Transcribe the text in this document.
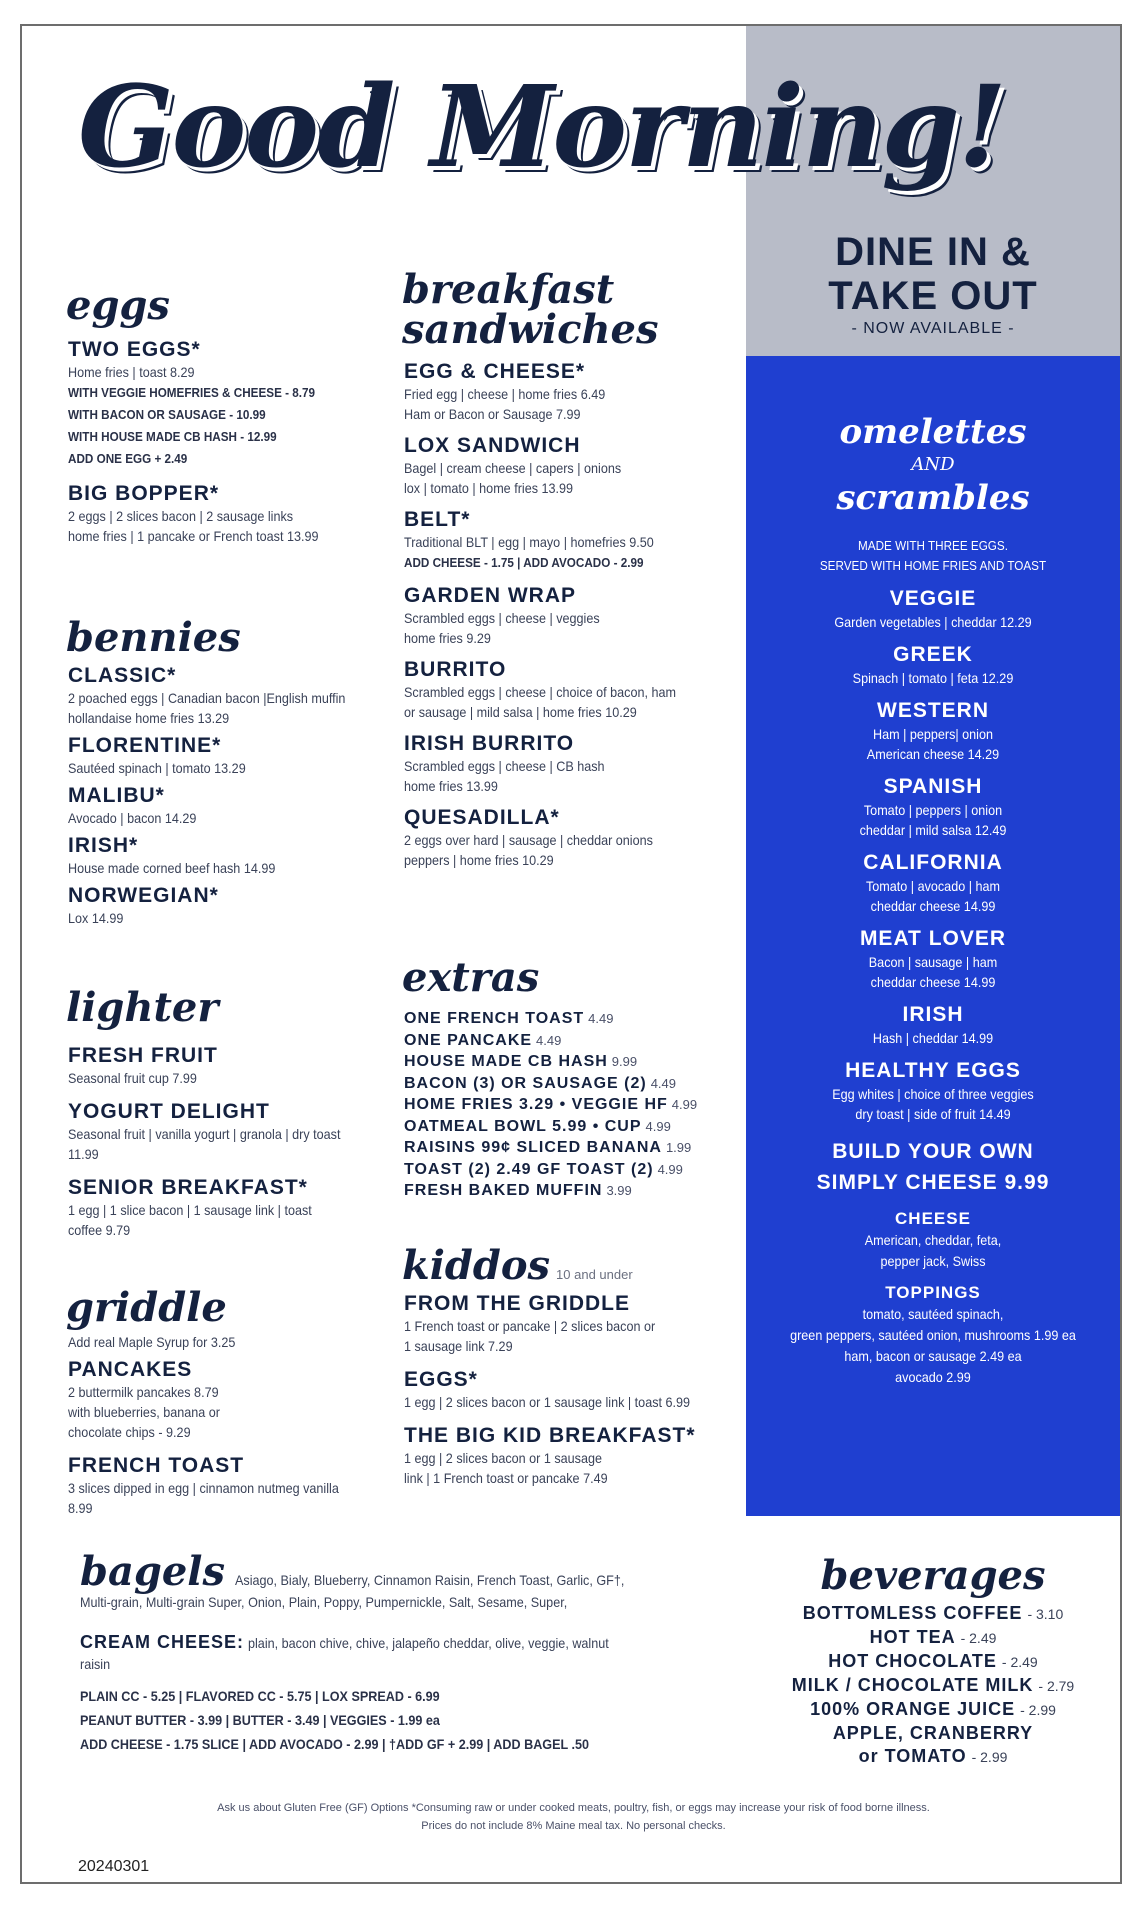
Good Morning!
DINE IN &
TAKE OUT
- NOW AVAILABLE -
eggs
TWO EGGS*
Home fries | toast 8.29
WITH VEGGIE HOMEFRIES & CHEESE - 8.79
WITH BACON OR SAUSAGE - 10.99
WITH HOUSE MADE CB HASH - 12.99
ADD ONE EGG + 2.49
BIG BOPPER*
2 eggs | 2 slices bacon | 2 sausage links
home fries | 1 pancake or French toast 13.99
bennies
CLASSIC*
2 poached eggs | Canadian bacon |English muffin
hollandaise home fries 13.29
FLORENTINE*
Sautéed spinach | tomato 13.29
MALIBU*
Avocado | bacon 14.29
IRISH*
House made corned beef hash 14.99
NORWEGIAN*
Lox 14.99
lighter
FRESH FRUIT
Seasonal fruit cup 7.99
YOGURT DELIGHT
Seasonal fruit | vanilla yogurt | granola | dry toast
11.99
SENIOR BREAKFAST*
1 egg | 1 slice bacon | 1 sausage link | toast
coffee 9.79
griddle
Add real Maple Syrup for 3.25
PANCAKES
2 buttermilk pancakes 8.79
with blueberries, banana or
chocolate chips - 9.29
FRENCH TOAST
3 slices dipped in egg | cinnamon nutmeg vanilla
8.99
breakfast
sandwiches
EGG & CHEESE*
Fried egg | cheese | home fries 6.49
Ham or Bacon or Sausage 7.99
LOX SANDWICH
Bagel | cream cheese | capers | onions
lox | tomato | home fries 13.99
BELT*
Traditional BLT | egg | mayo | homefries 9.50
ADD CHEESE - 1.75 | ADD AVOCADO - 2.99
GARDEN WRAP
Scrambled eggs | cheese | veggies
home fries 9.29
BURRITO
Scrambled eggs | cheese | choice of bacon, ham
or sausage | mild salsa | home fries 10.29
IRISH BURRITO
Scrambled eggs | cheese | CB hash
home fries 13.99
QUESADILLA*
2 eggs over hard | sausage | cheddar onions
peppers | home fries 10.29
extras
ONE FRENCH TOAST 4.49
ONE PANCAKE 4.49
HOUSE MADE CB HASH 9.99
BACON (3) OR SAUSAGE (2) 4.49
HOME FRIES 3.29 • VEGGIE HF 4.99
OATMEAL BOWL 5.99 • CUP 4.99
RAISINS 99¢ SLICED BANANA 1.99
TOAST (2) 2.49 GF TOAST (2) 4.99
FRESH BAKED MUFFIN 3.99
kiddos 10 and under
FROM THE GRIDDLE
1 French toast or pancake | 2 slices bacon or
1 sausage link 7.29
EGGS*
1 egg | 2 slices bacon or 1 sausage link | toast 6.99
THE BIG KID BREAKFAST*
1 egg | 2 slices bacon or 1 sausage
link | 1 French toast or pancake 7.49
omelettes
AND
scrambles
MADE WITH THREE EGGS.
SERVED WITH HOME FRIES AND TOAST
VEGGIE
Garden vegetables | cheddar 12.29
GREEK
Spinach | tomato | feta 12.29
WESTERN
Ham | peppers| onion
American cheese 14.29
SPANISH
Tomato | peppers | onion
cheddar | mild salsa 12.49
CALIFORNIA
Tomato | avocado | ham
cheddar cheese 14.99
MEAT LOVER
Bacon | sausage | ham
cheddar cheese 14.99
IRISH
Hash | cheddar 14.99
HEALTHY EGGS
Egg whites | choice of three veggies
dry toast | side of fruit 14.49
BUILD YOUR OWN
SIMPLY CHEESE 9.99
CHEESE
American, cheddar, feta,
pepper jack, Swiss
TOPPINGS
tomato, sautéed spinach,
green peppers, sautéed onion, mushrooms 1.99 ea
ham, bacon or sausage 2.49 ea
avocado 2.99
bagels Asiago, Bialy, Blueberry, Cinnamon Raisin, French Toast, Garlic, GF†,
Multi-grain, Multi-grain Super, Onion, Plain, Poppy, Pumpernickle, Salt, Sesame, Super,
CREAM CHEESE: plain, bacon chive, chive, jalapeño cheddar, olive, veggie, walnut
raisin
PLAIN CC - 5.25 | FLAVORED CC - 5.75 | LOX SPREAD - 6.99
PEANUT BUTTER - 3.99 | BUTTER - 3.49 | VEGGIES - 1.99 ea
ADD CHEESE - 1.75 SLICE | ADD AVOCADO - 2.99 | †ADD GF + 2.99 | ADD BAGEL .50
beverages
BOTTOMLESS COFFEE - 3.10
HOT TEA - 2.49
HOT CHOCOLATE - 2.49
MILK / CHOCOLATE MILK - 2.79
100% ORANGE JUICE - 2.99
APPLE, CRANBERRY
or TOMATO - 2.99
Ask us about Gluten Free (GF) Options *Consuming raw or under cooked meats, poultry, fish, or eggs may increase your risk of food borne illness.
Prices do not include 8% Maine meal tax. No personal checks.
20240301
